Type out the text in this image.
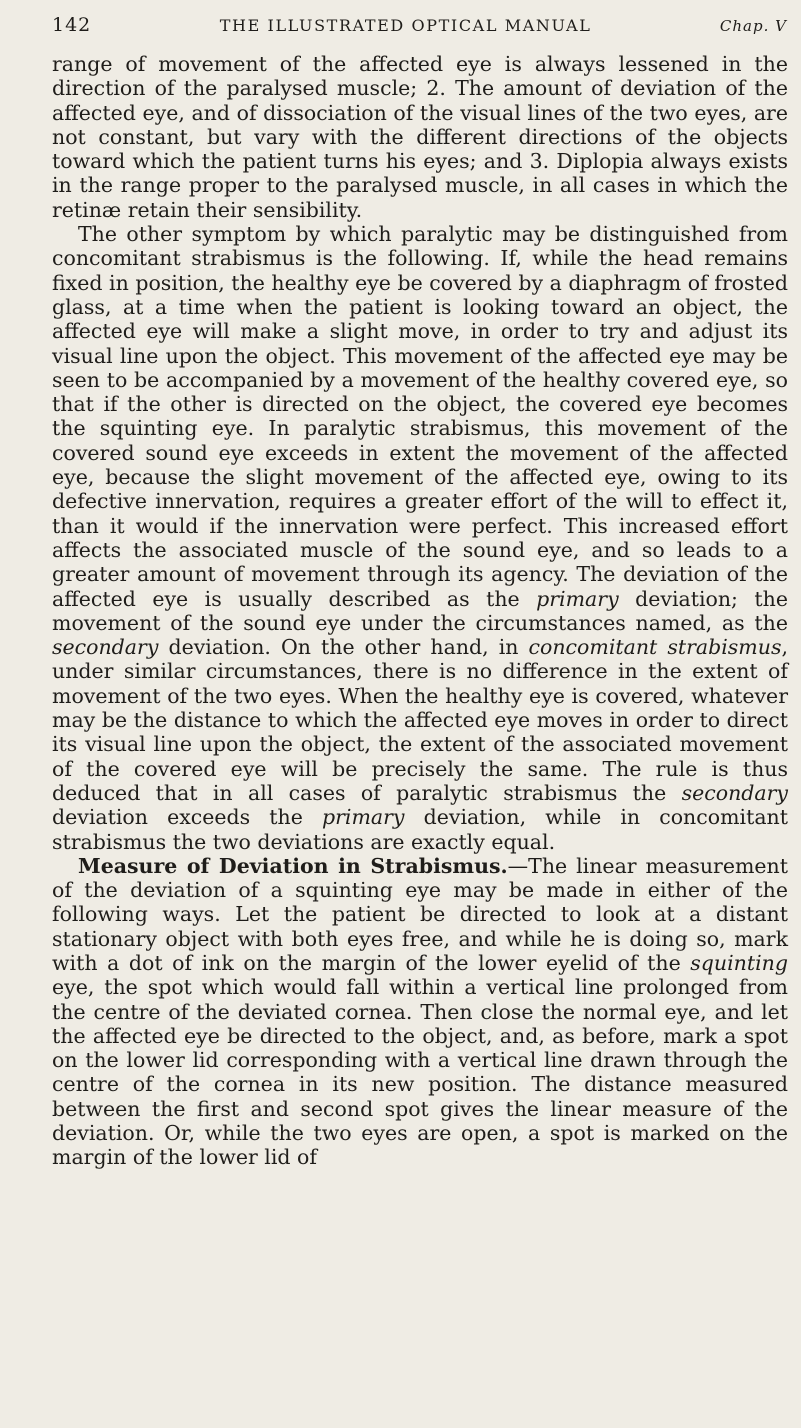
142	THE ILLUSTRATED OPTICAL MANUAL	Chap. V

range of movement of the affected eye is always lessened in the direction of the paralysed muscle; 2. The amount of deviation of the affected eye, and of dissociation of the visual lines of the two eyes, are not constant, but vary with the different directions of the objects toward which the patient turns his eyes; and 3. Diplopia always exists in the range proper to the paralysed muscle, in all cases in which the retinæ retain their sensibility.

The other symptom by which paralytic may be distinguished from concomitant strabismus is the following. If, while the head remains fixed in position, the healthy eye be covered by a diaphragm of frosted glass, at a time when the patient is looking toward an object, the affected eye will make a slight move, in order to try and adjust its visual line upon the object. This movement of the affected eye may be seen to be accompanied by a movement of the healthy covered eye, so that if the other is directed on the object, the covered eye becomes the squinting eye. In paralytic strabismus, this movement of the covered sound eye exceeds in extent the movement of the affected eye, because the slight movement of the affected eye, owing to its defective innervation, requires a greater effort of the will to effect it, than it would if the innervation were perfect. This increased effort affects the associated muscle of the sound eye, and so leads to a greater amount of movement through its agency. The deviation of the affected eye is usually described as the primary deviation; the movement of the sound eye under the circumstances named, as the secondary deviation. On the other hand, in concomitant strabismus, under similar circumstances, there is no difference in the extent of movement of the two eyes. When the healthy eye is covered, whatever may be the distance to which the affected eye moves in order to direct its visual line upon the object, the extent of the associated movement of the covered eye will be precisely the same. The rule is thus deduced that in all cases of paralytic strabismus the secondary deviation exceeds the primary deviation, while in concomitant strabismus the two deviations are exactly equal.

Measure of Deviation in Strabismus.—The linear measurement of the deviation of a squinting eye may be made in either of the following ways. Let the patient be directed to look at a distant stationary object with both eyes free, and while he is doing so, mark with a dot of ink on the margin of the lower eyelid of the squinting eye, the spot which would fall within a vertical line prolonged from the centre of the deviated cornea. Then close the normal eye, and let the affected eye be directed to the object, and, as before, mark a spot on the lower lid corresponding with a vertical line drawn through the centre of the cornea in its new position. The distance measured between the first and second spot gives the linear measure of the deviation. Or, while the two eyes are open, a spot is marked on the margin of the lower lid of
